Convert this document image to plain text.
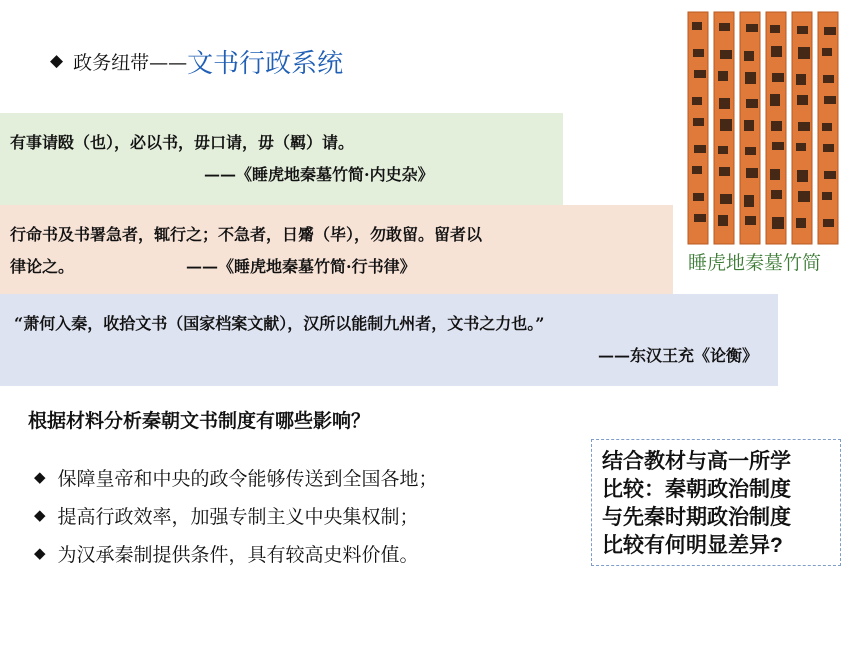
◆ 政务纽带—— 文书行政系统
有事请殹（也），必以书，毋口请，毋（羁）请。
——《睡虎地秦墓竹简·内史杂》
行命书及书署急者，辄行之；不急者，日觱（毕），勿敢留。留者以
律论之。	——《睡虎地秦墓竹简·行书律》
“萧何入秦，收拾文书（国家档案文献），汉所以能制九州者，文书之力也。”
——东汉王充《论衡》
睡虎地秦墓竹简
根据材料分析秦朝文书制度有哪些影响？
◆ 保障皇帝和中央的政令能够传送到全国各地；
◆ 提高行政效率，加强专制主义中央集权制；
◆ 为汉承秦制提供条件，具有较高史料价值。
结合教材与高一所学
比较：秦朝政治制度
与先秦时期政治制度
比较有何明显差异?
